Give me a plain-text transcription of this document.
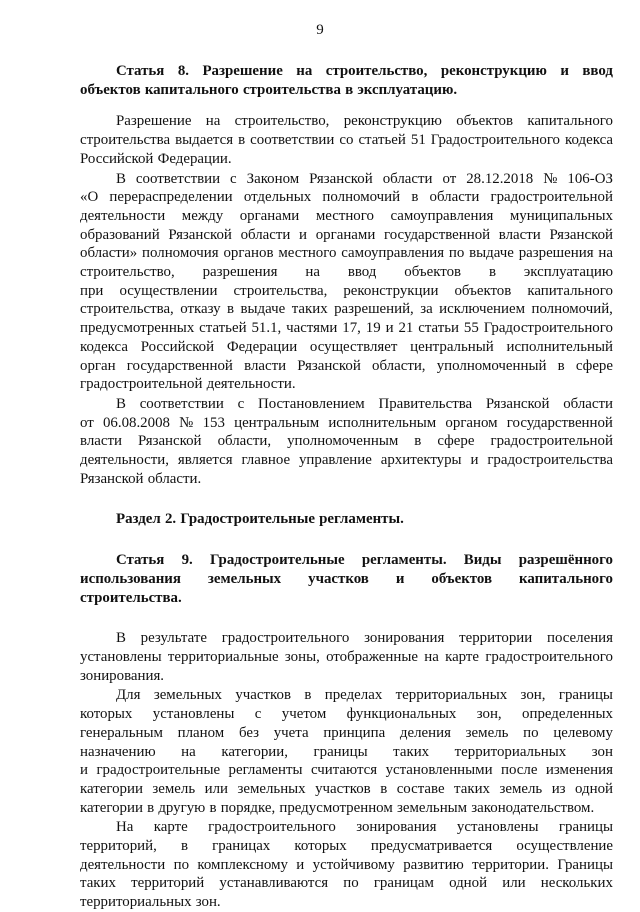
9
Статья 8. Разрешение на строительство, реконструкцию и ввод
объектов капитального строительства в эксплуатацию.
Разрешение на строительство, реконструкцию объектов капитального
строительства выдается в соответствии со статьей 51 Градостроительного кодекса
Российской Федерации.
В соответствии с Законом Рязанской области от 28.12.2018 № 106-ОЗ
«О перераспределении отдельных полномочий в области градостроительной
деятельности между органами местного самоуправления муниципальных
образований Рязанской области и органами государственной власти Рязанской
области» полномочия органов местного самоуправления по выдаче разрешения на
строительство, разрешения на ввод объектов в эксплуатацию
при осуществлении строительства, реконструкции объектов капитального
строительства, отказу в выдаче таких разрешений, за исключением полномочий,
предусмотренных статьей 51.1, частями 17, 19 и 21 статьи 55 Градостроительного
кодекса Российской Федерации осуществляет центральный исполнительный
орган государственной власти Рязанской области, уполномоченный в сфере
градостроительной деятельности.
В соответствии с Постановлением Правительства Рязанской области
от 06.08.2008 № 153 центральным исполнительным органом государственной
власти Рязанской области, уполномоченным в сфере градостроительной
деятельности, является главное управление архитектуры и градостроительства
Рязанской области.
Раздел 2. Градостроительные регламенты.
Статья 9. Градостроительные регламенты. Виды разрешённого
использования земельных участков и объектов капитального
строительства.
В результате градостроительного зонирования территории поселения
установлены территориальные зоны, отображенные на карте градостроительного
зонирования.
Для земельных участков в пределах территориальных зон, границы
которых установлены с учетом функциональных зон, определенных
генеральным планом без учета принципа деления земель по целевому
назначению на категории, границы таких территориальных зон
и градостроительные регламенты считаются установленными после изменения
категории земель или земельных участков в составе таких земель из одной
категории в другую в порядке, предусмотренном земельным законодательством.
На карте градостроительного зонирования установлены границы
территорий, в границах которых предусматривается осуществление
деятельности по комплексному и устойчивому развитию территории. Границы
таких территорий устанавливаются по границам одной или нескольких
территориальных зон.
